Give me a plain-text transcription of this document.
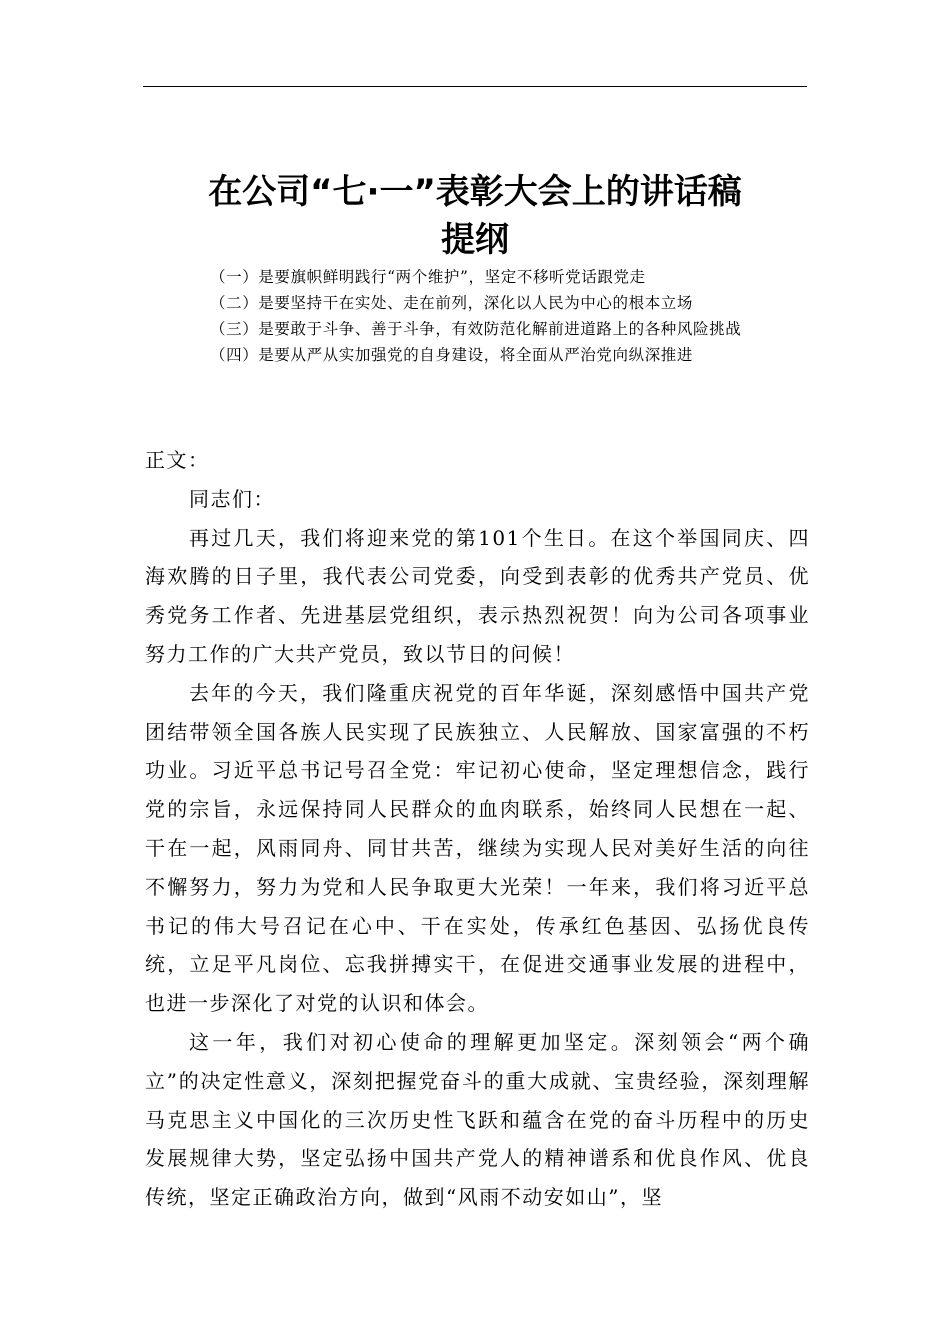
在公司“七·一”表彰大会上的讲话稿
提纲

（一）是要旗帜鲜明践行“两个维护”，坚定不移听党话跟党走

（二）是要坚持干在实处、走在前列，深化以人民为中心的根本立场

（三）是要敢于斗争、善于斗争，有效防范化解前进道路上的各种风险挑战

（四）是要从严从实加强党的自身建设，将全面从严治党向纵深推进

正文：

同志们：

再过几天，我们将迎来党的第101个生日。在这个举国同庆、四海欢腾的日子里，我代表公司党委，向受到表彰的优秀共产党员、优秀党务工作者、先进基层党组织，表示热烈祝贺！向为公司各项事业努力工作的广大共产党员，致以节日的问候！

去年的今天，我们隆重庆祝党的百年华诞，深刻感悟中国共产党团结带领全国各族人民实现了民族独立、人民解放、国家富强的不朽功业。习近平总书记号召全党：牢记初心使命，坚定理想信念，践行党的宗旨，永远保持同人民群众的血肉联系，始终同人民想在一起、干在一起，风雨同舟、同甘共苦，继续为实现人民对美好生活的向往不懈努力，努力为党和人民争取更大光荣！一年来，我们将习近平总书记的伟大号召记在心中、干在实处，传承红色基因、弘扬优良传统，立足平凡岗位、忘我拼搏实干，在促进交通事业发展的进程中，也进一步深化了对党的认识和体会。

这一年，我们对初心使命的理解更加坚定。深刻领会“两个确立”的决定性意义，深刻把握党奋斗的重大成就、宝贵经验，深刻理解马克思主义中国化的三次历史性飞跃和蕴含在党的奋斗历程中的历史发展规律大势，坚定弘扬中国共产党人的精神谱系和优良作风、优良传统，坚定正确政治方向，做到“风雨不动安如山”，坚
